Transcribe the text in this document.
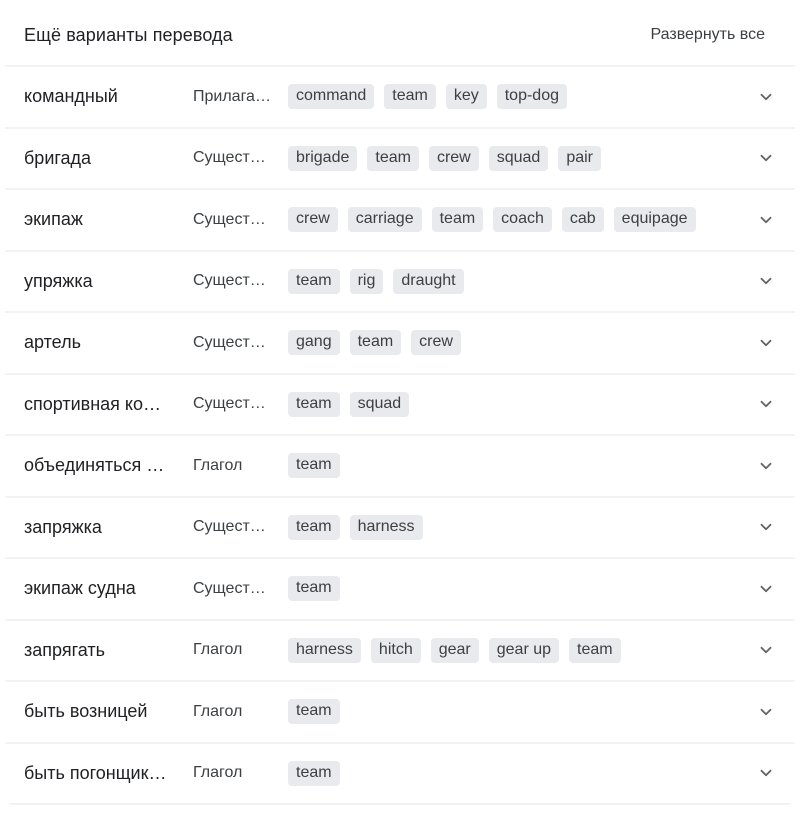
Ещё варианты перевода	Развернуть все
командный	Прилага…	command	team	key	top-dog
бригада	Сущест…	brigade	team	crew	squad	pair
экипаж	Сущест…	crew	carriage	team	coach	cab	equipage
упряжка	Сущест…	team	rig	draught
артель	Сущест…	gang	team	crew
спортивная ко…	Сущест…	team	squad
объединяться …	Глагол	team
запряжка	Сущест…	team	harness
экипаж судна	Сущест…	team
запрягать	Глагол	harness	hitch	gear	gear up	team
быть возницей	Глагол	team
быть погонщик…	Глагол	team
